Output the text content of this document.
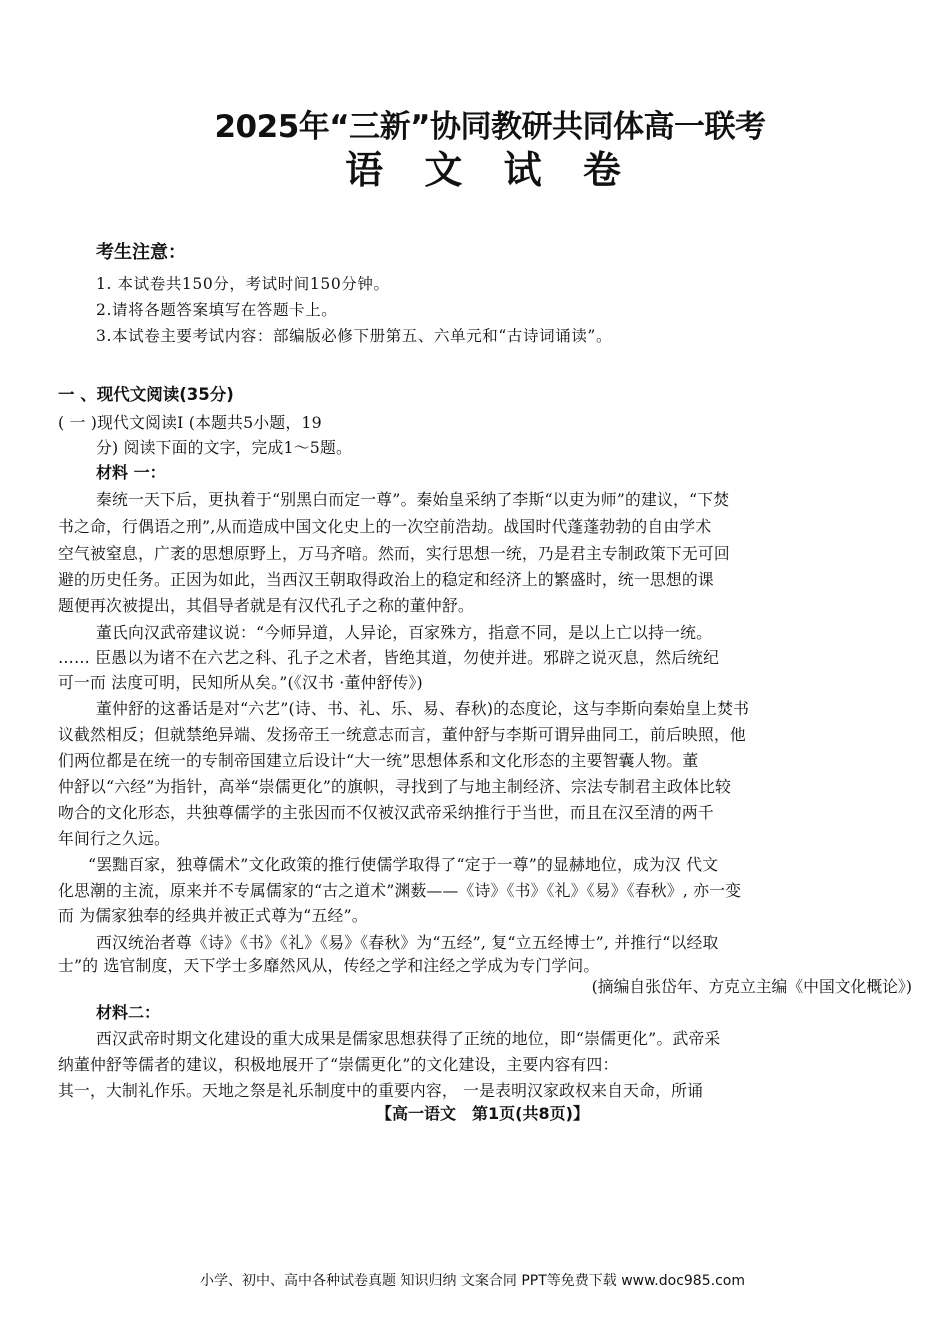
2025年“三新”协同教研共同体高一联考
语 文 试 卷
考生注意：
1. 本试卷共150分，考试时间150分钟。
2.请将各题答案填写在答题卡上。
3.本试卷主要考试内容：部编版必修下册第五、六单元和“古诗词诵读”。
一 、现代文阅读(35分)
( 一 )现代文阅读Ⅰ (本题共5小题，19
分) 阅读下面的文字，完成1～5题。
材料 一：
秦统一天下后，更执着于“别黑白而定一尊”。秦始皇采纳了李斯“以吏为师”的建议，“下焚
书之命，行偶语之刑”,从而造成中国文化史上的一次空前浩劫。战国时代蓬蓬勃勃的自由学术
空气被窒息，广袤的思想原野上，万马齐喑。然而，实行思想一统，乃是君主专制政策下无可回
避的历史任务。正因为如此，当西汉王朝取得政治上的稳定和经济上的繁盛时，统一思想的课
题便再次被提出，其倡导者就是有汉代孔子之称的董仲舒。
董氏向汉武帝建议说：“今师异道，人异论，百家殊方，指意不同，是以上亡以持一统。
…… 臣愚以为诸不在六艺之科、孔子之术者，皆绝其道，勿使并进。邪辟之说灭息，然后统纪
可一而 法度可明，民知所从矣。”(《汉书 ·董仲舒传》)
董仲舒的这番话是对“六艺”(诗、书、礼、乐、易、春秋)的态度论，这与李斯向秦始皇上焚书
议截然相反；但就禁绝异端、发扬帝王一统意志而言，董仲舒与李斯可谓异曲同工，前后映照，他
们两位都是在统一的专制帝国建立后设计“大一统”思想体系和文化形态的主要智囊人物。董
仲舒以“六经”为指针，高举“崇儒更化”的旗帜，寻找到了与地主制经济、宗法专制君主政体比较
吻合的文化形态，共独尊儒学的主张因而不仅被汉武帝采纳推行于当世，而且在汉至清的两千
年间行之久远。
“罢黜百家，独尊儒术”文化政策的推行使儒学取得了“定于一尊”的显赫地位，成为汉 代文
化思潮的主流，原来并不专属儒家的“古之道术”渊薮——《诗》《书》《礼》《易》《春秋》, 亦一变
而 为儒家独奉的经典并被正式尊为“五经”。
西汉统治者尊《诗》《书》《礼》《易》《春秋》为“五经”, 复“立五经博士”, 并推行“以经取
士”的 选官制度，天下学士多靡然风从，传经之学和注经之学成为专门学问。
(摘编自张岱年、方克立主编《中国文化概论》)
材料二：
西汉武帝时期文化建设的重大成果是儒家思想获得了正统的地位，即“崇儒更化”。武帝采
纳董仲舒等儒者的建议，积极地展开了“崇儒更化”的文化建设，主要内容有四：
其一，大制礼作乐。天地之祭是礼乐制度中的重要内容， 一是表明汉家政权来自天命，所诵
【高一语文　第1页(共8页)】
小学、初中、高中各种试卷真题 知识归纳 文案合同 PPT等免费下载 www.doc985.com
